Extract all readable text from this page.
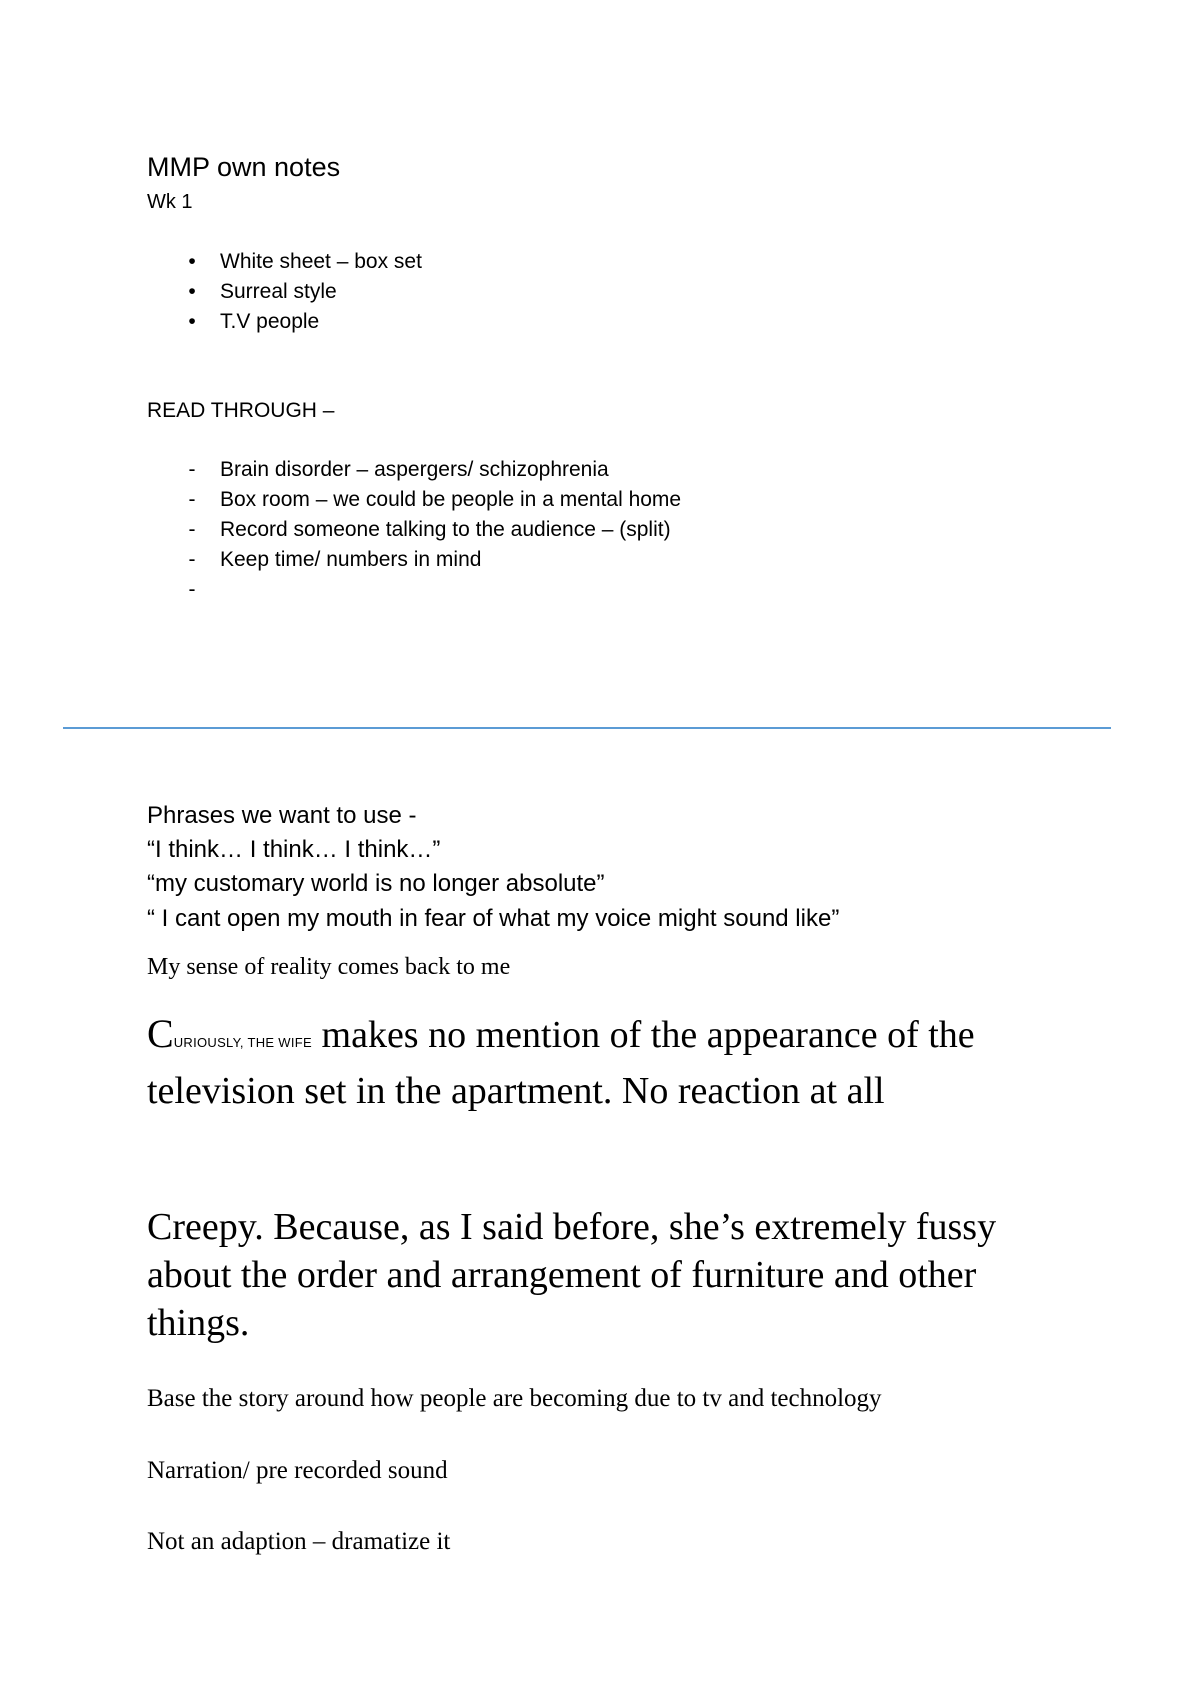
MMP own notes
Wk 1
• White sheet – box set
• Surreal style
• T.V people
READ THROUGH –
- Brain disorder – aspergers/ schizophrenia
- Box room – we could be people in a mental home
- Record someone talking to the audience – (split)
- Keep time/ numbers in mind
-
Phrases we want to use -
“I think… I think… I think…”
“my customary world is no longer absolute”
“ I cant open my mouth in fear of what my voice might sound like”
My sense of reality comes back to me
CURIOUSLY, THE WIFE makes no mention of the appearance of the television set in the apartment. No reaction at all
Creepy. Because, as I said before, she’s extremely fussy about the order and arrangement of furniture and other things.
Base the story around how people are becoming due to tv and technology
Narration/ pre recorded sound
Not an adaption – dramatize it
